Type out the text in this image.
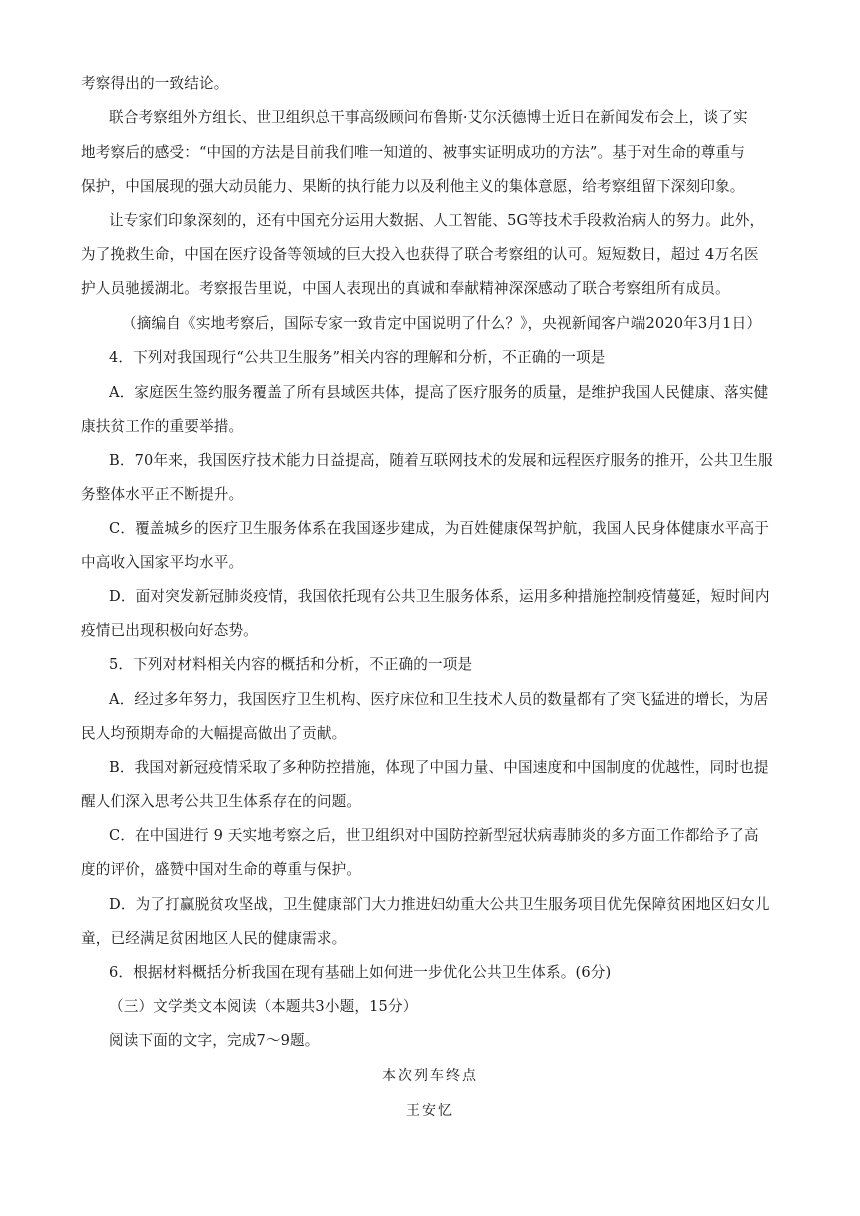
考察得出的一致结论。
联合考察组外方组长、世卫组织总干事高级顾问布鲁斯·艾尔沃德博士近日在新闻发布会上，谈了实
地考察后的感受：“中国的方法是目前我们唯一知道的、被事实证明成功的方法”。基于对生命的尊重与
保护，中国展现的强大动员能力、果断的执行能力以及利他主义的集体意愿，给考察组留下深刻印象。
让专家们印象深刻的，还有中国充分运用大数据、人工智能、5G等技术手段救治病人的努力。此外，
为了挽救生命，中国在医疗设备等领域的巨大投入也获得了联合考察组的认可。短短数日，超过 4万名医
护人员驰援湖北。考察报告里说，中国人表现出的真诚和奉献精神深深感动了联合考察组所有成员。
（摘编自《实地考察后，国际专家一致肯定中国说明了什么？》，央视新闻客户端2020年3月1日）
4．下列对我国现行“公共卫生服务”相关内容的理解和分析，不正确的一项是
A．家庭医生签约服务覆盖了所有县域医共体，提高了医疗服务的质量，是维护我国人民健康、落实健
康扶贫工作的重要举措。
B．70年来，我国医疗技术能力日益提高，随着互联网技术的发展和远程医疗服务的推开，公共卫生服
务整体水平正不断提升。
C．覆盖城乡的医疗卫生服务体系在我国逐步建成，为百姓健康保驾护航，我国人民身体健康水平高于
中高收入国家平均水平。
D．面对突发新冠肺炎疫情，我国依托现有公共卫生服务体系，运用多种措施控制疫情蔓延，短时间内
疫情已出现积极向好态势。
5．下列对材料相关内容的概括和分析，不正确的一项是
A．经过多年努力，我国医疗卫生机构、医疗床位和卫生技术人员的数量都有了突飞猛进的增长，为居
民人均预期寿命的大幅提高做出了贡献。
B．我国对新冠疫情采取了多种防控措施，体现了中国力量、中国速度和中国制度的优越性，同时也提
醒人们深入思考公共卫生体系存在的问题。
C．在中国进行 9 天实地考察之后，世卫组织对中国防控新型冠状病毒肺炎的多方面工作都给予了高
度的评价，盛赞中国对生命的尊重与保护。
D．为了打赢脱贫攻坚战，卫生健康部门大力推进妇幼重大公共卫生服务项目优先保障贫困地区妇女儿
童，已经满足贫困地区人民的健康需求。
6．根据材料概括分析我国在现有基础上如何进一步优化公共卫生体系。(6分)
（三）文学类文本阅读（本题共3小题，15分）
阅读下面的文字，完成7～9题。
本次列车终点
王安忆
